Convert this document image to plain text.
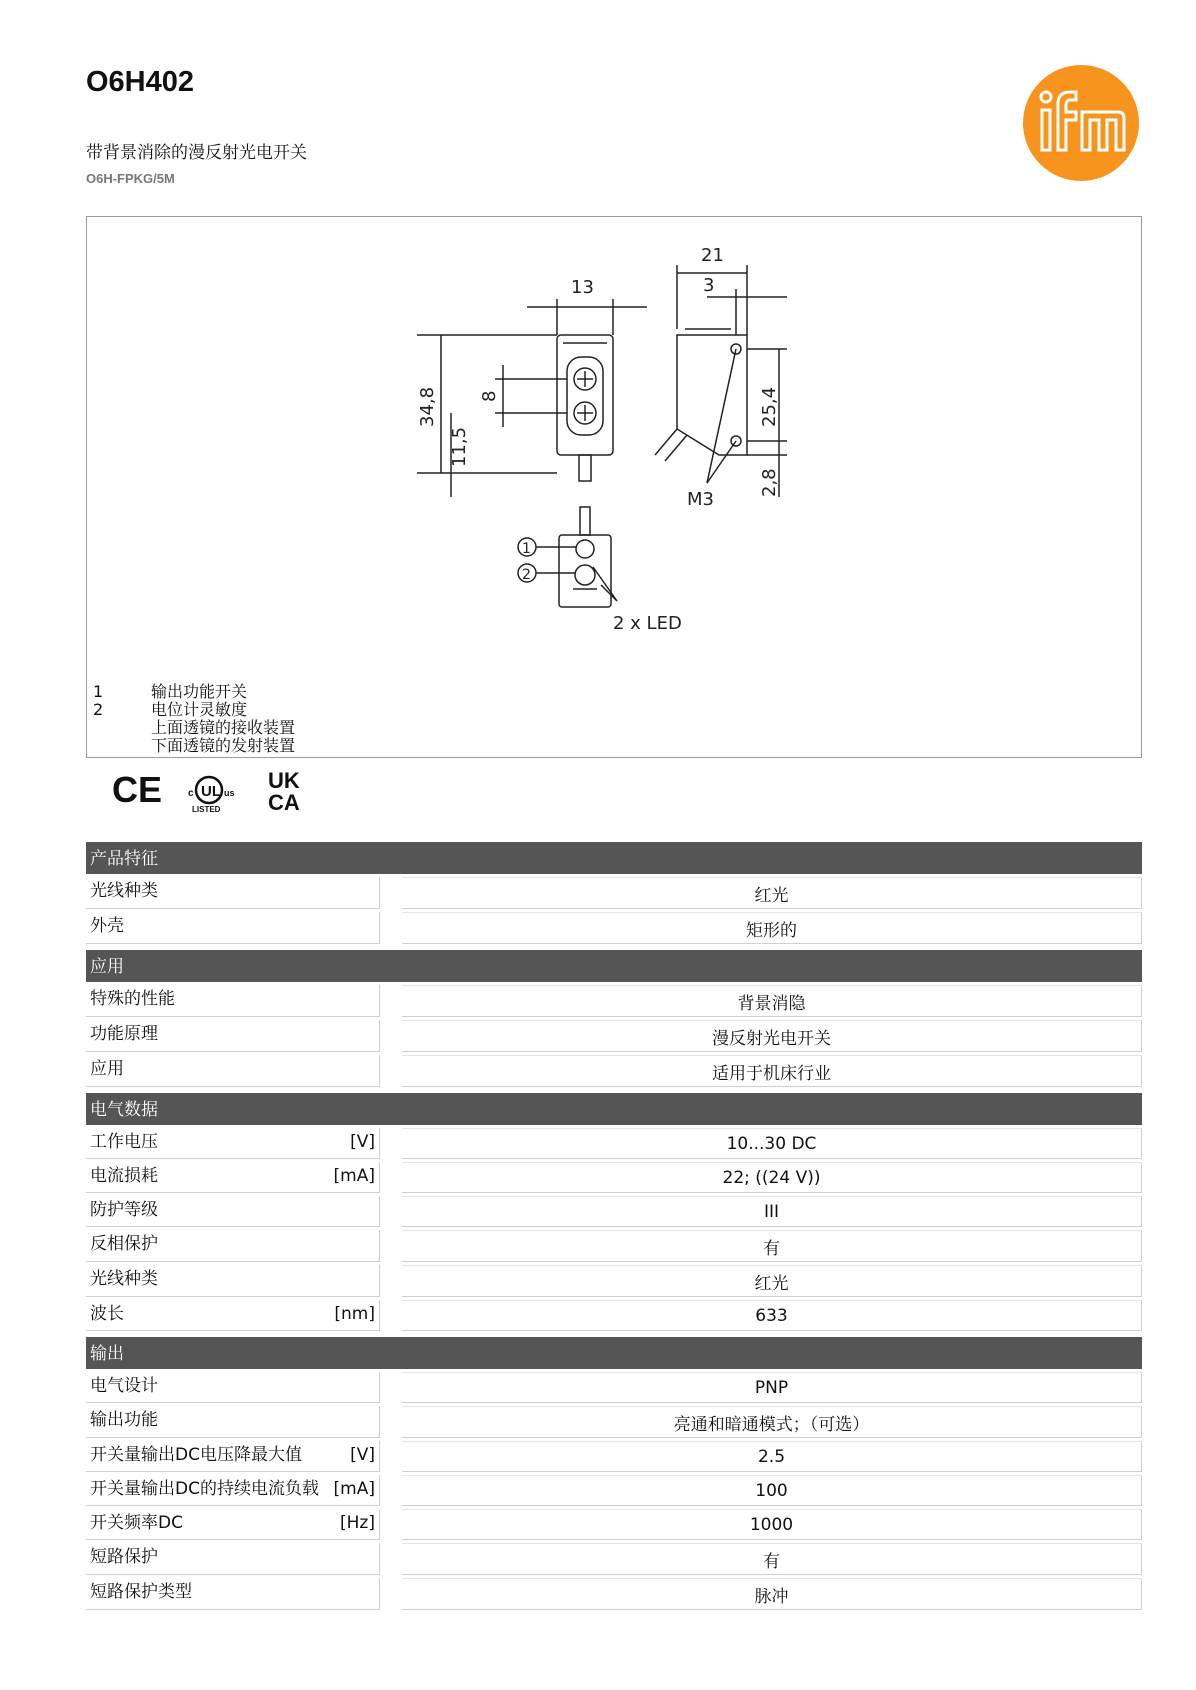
O6H402
带背景消除的漫反射光电开关
O6H-FPKG/5M
13
21
3
34,8 8
11,5
25,4
2,8
M3
2 x LED
1
2
1	输出功能开关
2	电位计灵敏度
上面透镜的接收装置
下面透镜的发射装置
CE	c UL us
LISTED
UK
CA
产品特征
光线种类	红光
外壳	矩形的
应用
特殊的性能	背景消隐
功能原理	漫反射光电开关
应用	适用于机床行业
电气数据
工作电压	[V]	10...30 DC
电流损耗	[mA]	22; ((24 V))
防护等级	III
反相保护	有
光线种类	红光
波长	[nm]	633
输出
电气设计	PNP
输出功能	亮通和暗通模式；（可选）
开关量输出DC电压降最大值	[V]	2.5
开关量输出DC的持续电流负载 [mA]	100
开关频率DC	[Hz]	1000
短路保护	有
短路保护类型	脉冲
